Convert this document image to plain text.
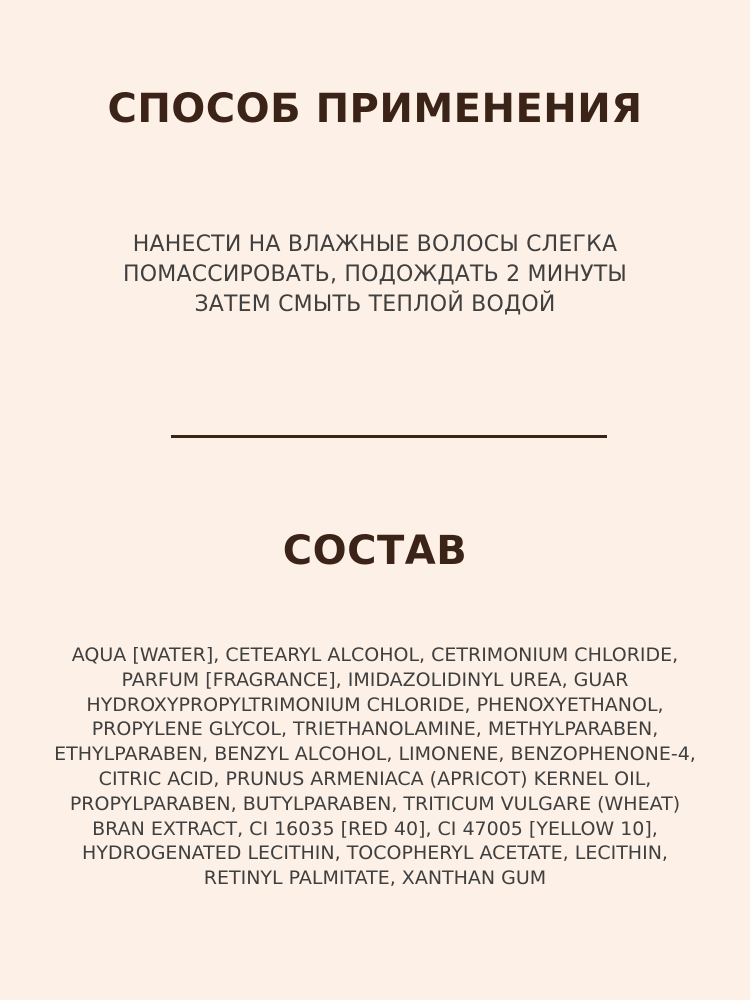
СПОСОБ ПРИМЕНЕНИЯ
НАНЕСТИ НА ВЛАЖНЫЕ ВОЛОСЫ СЛЕГКА
ПОМАССИРОВАТЬ, ПОДОЖДАТЬ 2 МИНУТЫ
ЗАТЕМ СМЫТЬ ТЕПЛОЙ ВОДОЙ
СОСТАВ
AQUA [WATER], CETEARYL ALCOHOL, CETRIMONIUM CHLORIDE,
PARFUM [FRAGRANCE], IMIDAZOLIDINYL UREA, GUAR
HYDROXYPROPYLTRIMONIUM CHLORIDE, PHENOXYETHANOL,
PROPYLENE GLYCOL, TRIETHANOLAMINE, METHYLPARABEN,
ETHYLPARABEN, BENZYL ALCOHOL, LIMONENE, BENZOPHENONE-4,
CITRIC ACID, PRUNUS ARMENIACA (APRICOT) KERNEL OIL,
PROPYLPARABEN, BUTYLPARABEN, TRITICUM VULGARE (WHEAT)
BRAN EXTRACT, CI 16035 [RED 40], CI 47005 [YELLOW 10],
HYDROGENATED LECITHIN, TOCOPHERYL ACETATE, LECITHIN,
RETINYL PALMITATE, XANTHAN GUM
